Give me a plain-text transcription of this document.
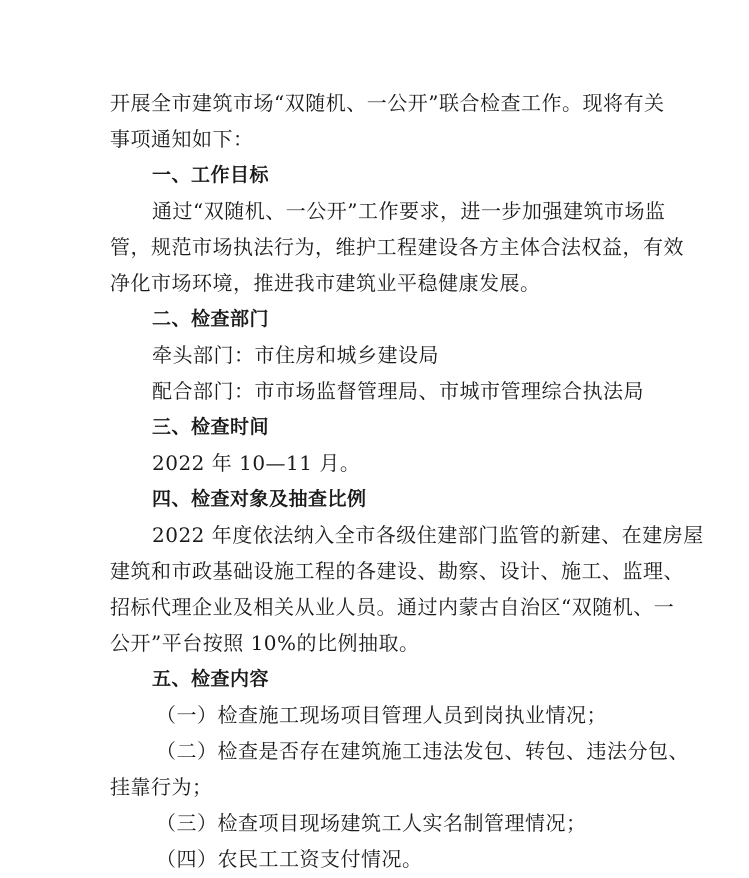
开展全市建筑市场“双随机、一公开”联合检查工作。现将有关
事项通知如下：
一、工作目标
通过“双随机、一公开”工作要求，进一步加强建筑市场监
管，规范市场执法行为，维护工程建设各方主体合法权益，有效
净化市场环境，推进我市建筑业平稳健康发展。
二、检查部门
牵头部门：市住房和城乡建设局
配合部门：市市场监督管理局、市城市管理综合执法局
三、检查时间
2022 年 10—11 月。
四、检查对象及抽查比例
2022 年度依法纳入全市各级住建部门监管的新建、在建房屋
建筑和市政基础设施工程的各建设、勘察、设计、施工、监理、
招标代理企业及相关从业人员。通过内蒙古自治区“双随机、一
公开”平台按照 10%的比例抽取。
五、检查内容
（一）检查施工现场项目管理人员到岗执业情况；
（二）检查是否存在建筑施工违法发包、转包、违法分包、
挂靠行为；
（三）检查项目现场建筑工人实名制管理情况；
（四）农民工工资支付情况。
